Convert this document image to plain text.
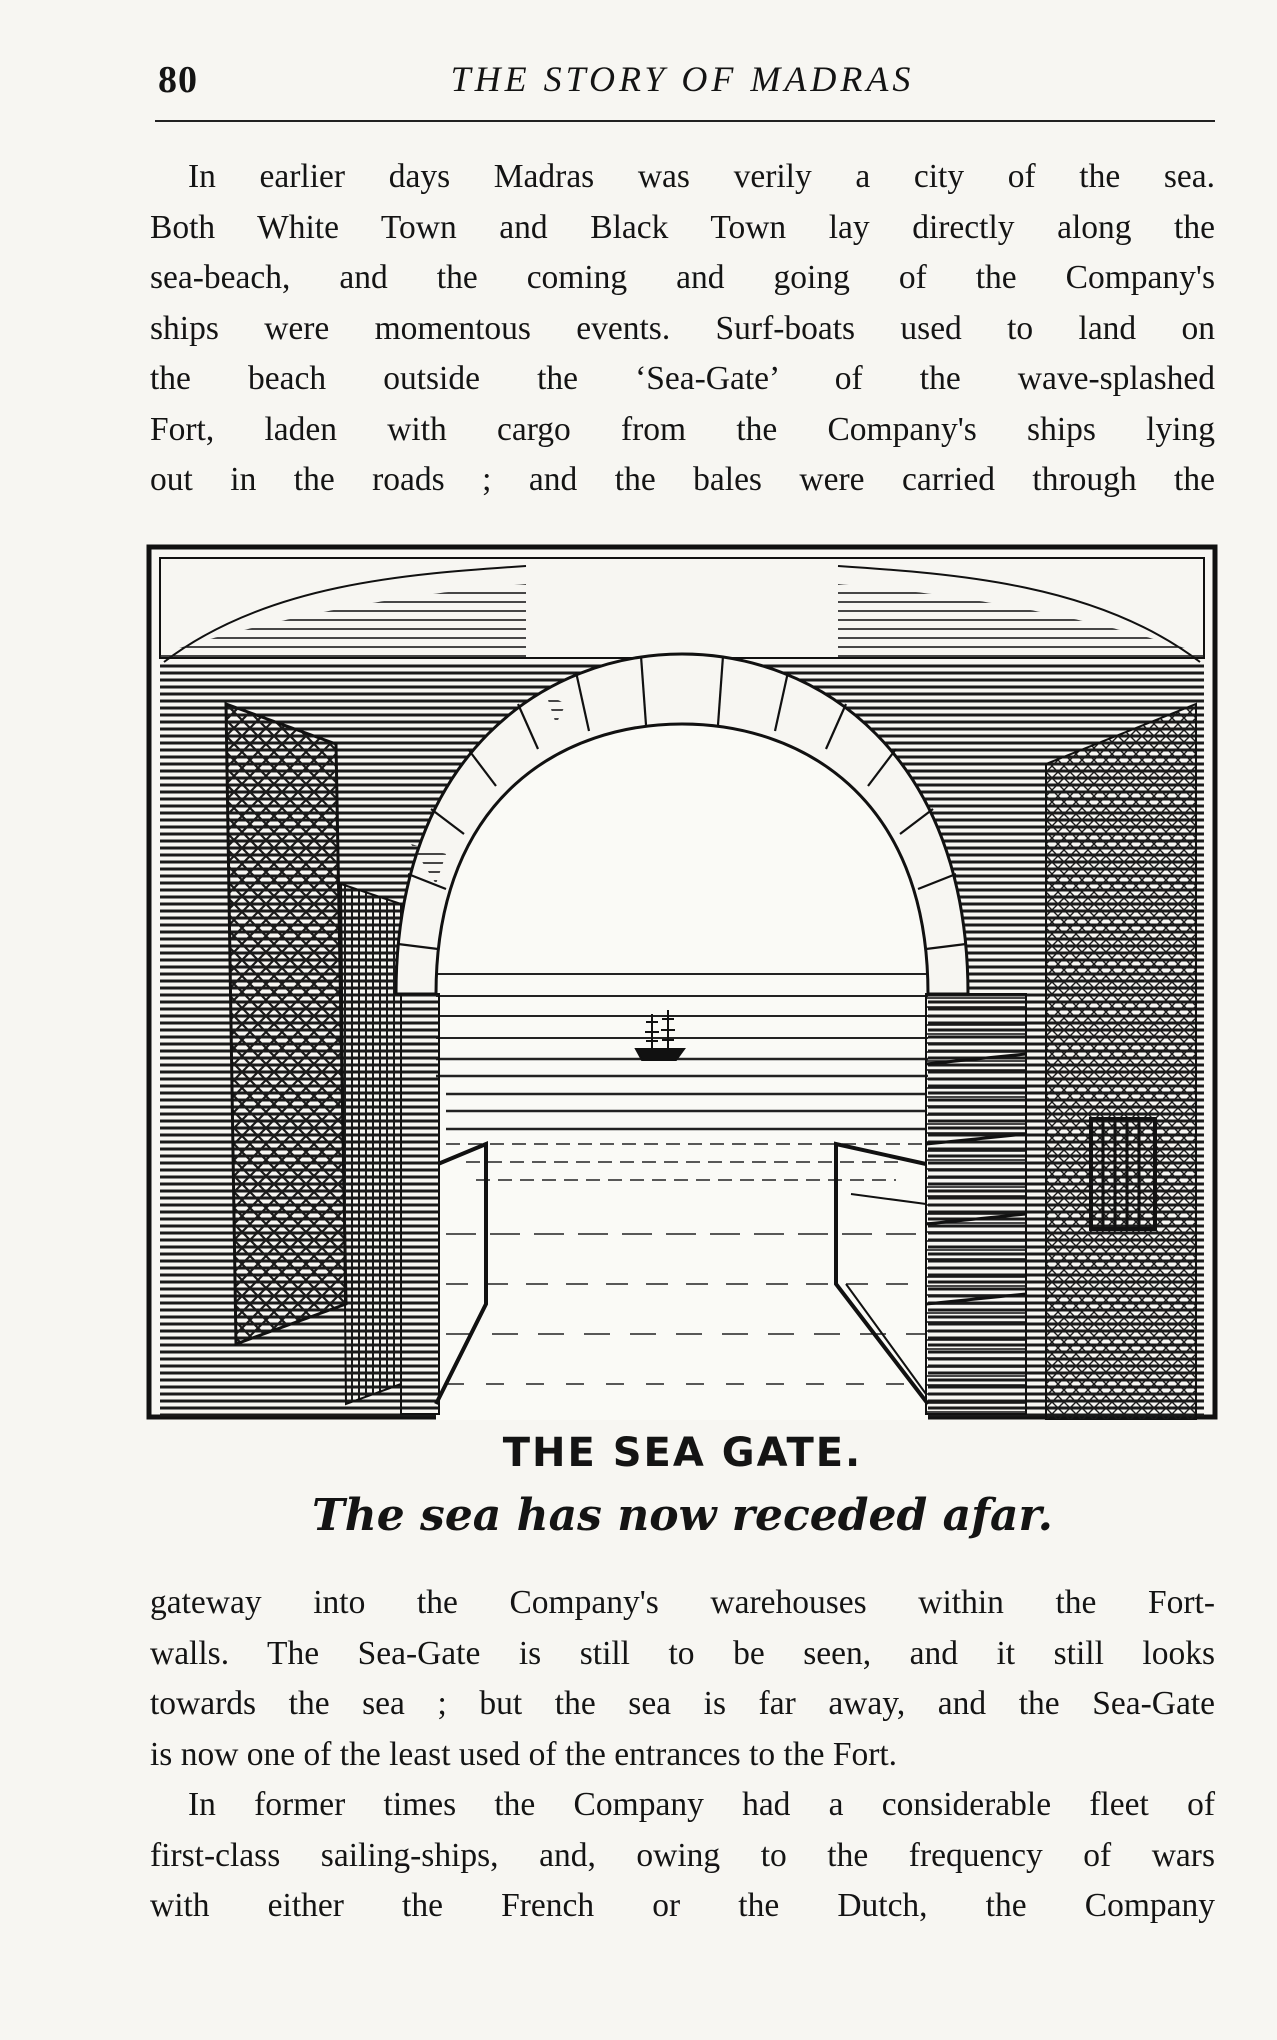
80	THE STORY OF MADRAS
In earlier days Madras was verily a city of the sea.
Both White Town and Black Town lay directly along the
sea-beach, and the coming and going of the Company's
ships were momentous events. Surf-boats used to land on
the beach outside the ‘Sea-Gate’ of the wave-splashed
Fort, laden with cargo from the Company's ships lying
out in the roads ; and the bales were carried through the
THE SEA GATE.
The sea has now receded afar.
gateway into the Company's warehouses within the Fort-
walls. The Sea-Gate is still to be seen, and it still looks
towards the sea ; but the sea is far away, and the Sea-Gate
is now one of the least used of the entrances to the Fort.
In former times the Company had a considerable fleet of
first-class sailing-ships, and, owing to the frequency of wars
with either the French or the Dutch, the Company
